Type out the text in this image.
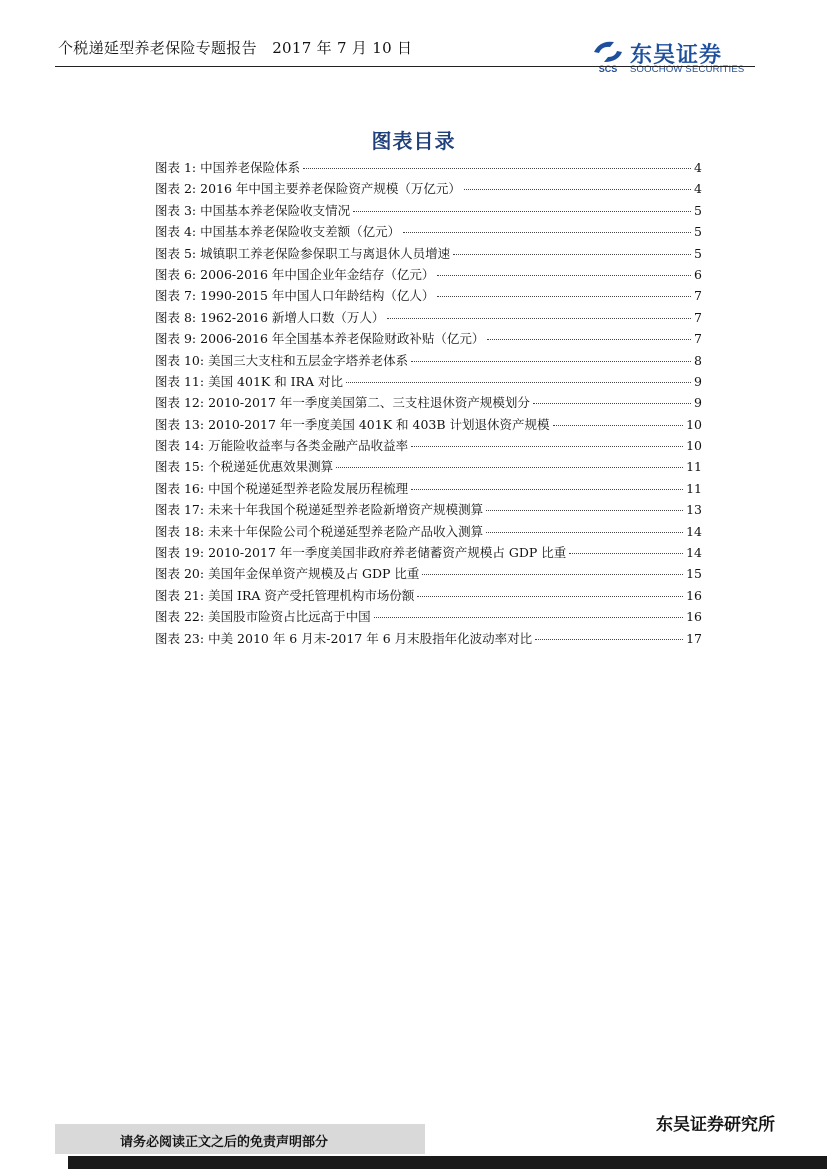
个税递延型养老保险专题报告　2017 年 7 月 10 日
SCS
东吴证券
SOOCHOW SECURITIES
图表目录
图表 1: 中国养老保险体系	4
图表 2: 2016 年中国主要养老保险资产规模（万亿元）	4
图表 3: 中国基本养老保险收支情况	5
图表 4: 中国基本养老保险收支差额（亿元）	5
图表 5: 城镇职工养老保险参保职工与离退休人员增速	5
图表 6: 2006-2016 年中国企业年金结存（亿元）	6
图表 7: 1990-2015 年中国人口年龄结构（亿人）	7
图表 8: 1962-2016 新增人口数（万人）	7
图表 9: 2006-2016 年全国基本养老保险财政补贴（亿元）	7
图表 10: 美国三大支柱和五层金字塔养老体系	8
图表 11: 美国 401K 和 IRA 对比	9
图表 12: 2010-2017 年一季度美国第二、三支柱退休资产规模划分	9
图表 13: 2010-2017 年一季度美国 401K 和 403B 计划退休资产规模	10
图表 14: 万能险收益率与各类金融产品收益率	10
图表 15: 个税递延优惠效果测算	11
图表 16: 中国个税递延型养老险发展历程梳理	11
图表 17: 未来十年我国个税递延型养老险新增资产规模测算	13
图表 18: 未来十年保险公司个税递延型养老险产品收入测算	14
图表 19: 2010-2017 年一季度美国非政府养老储蓄资产规模占 GDP 比重	14
图表 20: 美国年金保单资产规模及占 GDP 比重	15
图表 21: 美国 IRA 资产受托管理机构市场份额	16
图表 22: 美国股市险资占比远高于中国	16
图表 23: 中美 2010 年 6 月末-2017 年 6 月末股指年化波动率对比	17
请务必阅读正文之后的免责声明部分
东吴证券研究所
